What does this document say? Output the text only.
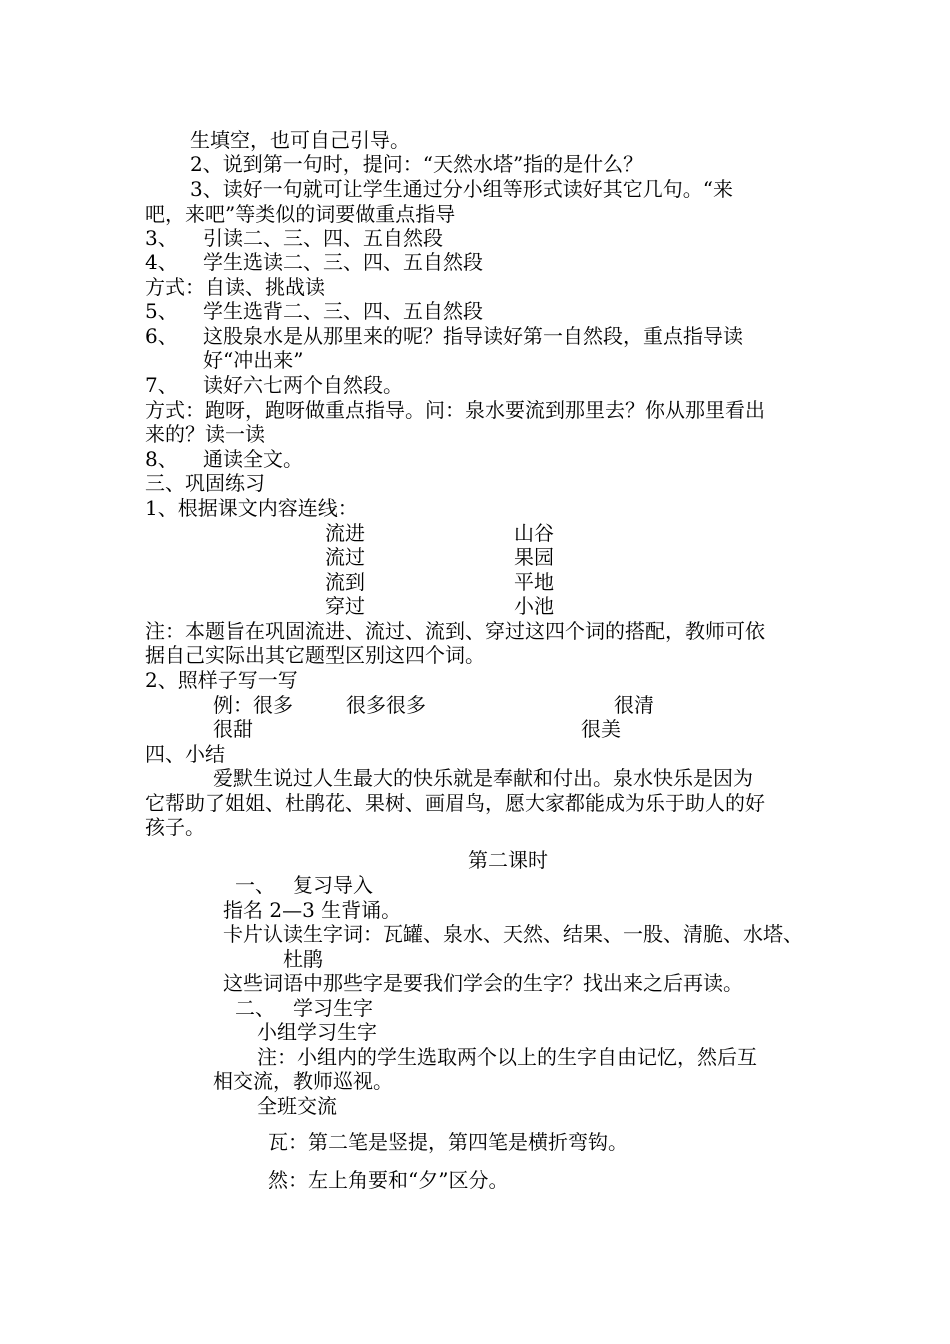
生填空，也可自己引导。
2、说到第一句时，提问：“天然水塔”指的是什么？
3、读好一句就可让学生通过分小组等形式读好其它几句。“来
吧，来吧”等类似的词要做重点指导
3、 引读二、三、四、五自然段
4、 学生选读二、三、四、五自然段
方式：自读、挑战读
5、 学生选背二、三、四、五自然段
6、 这股泉水是从那里来的呢？指导读好第一自然段，重点指导读
好“冲出来”
7、 读好六七两个自然段。
方式：跑呀，跑呀做重点指导。问：泉水要流到那里去？你从那里看出
来的？读一读
8、 通读全文。
三、巩固练习
1、根据课文内容连线：
流进	山谷
流过	果园
流到	平地
穿过	小池
注：本题旨在巩固流进、流过、流到、穿过这四个词的搭配，教师可依
据自己实际出其它题型区别这四个词。
2、照样子写一写
例：很多	很多很多	很清
很甜	很美
四、小结
爱默生说过人生最大的快乐就是奉献和付出。泉水快乐是因为
它帮助了姐姐、杜鹃花、果树、画眉鸟，愿大家都能成为乐于助人的好
孩子。
第二课时
一、 复习导入
指名 2—3 生背诵。
卡片认读生字词：瓦罐、泉水、天然、结果、一股、清脆、水塔、
杜鹃
这些词语中那些字是要我们学会的生字？找出来之后再读。
二、 学习生字
小组学习生字
注：小组内的学生选取两个以上的生字自由记忆，然后互
相交流，教师巡视。
全班交流
瓦：第二笔是竖提，第四笔是横折弯钩。
然：左上角要和“夕”区分。
